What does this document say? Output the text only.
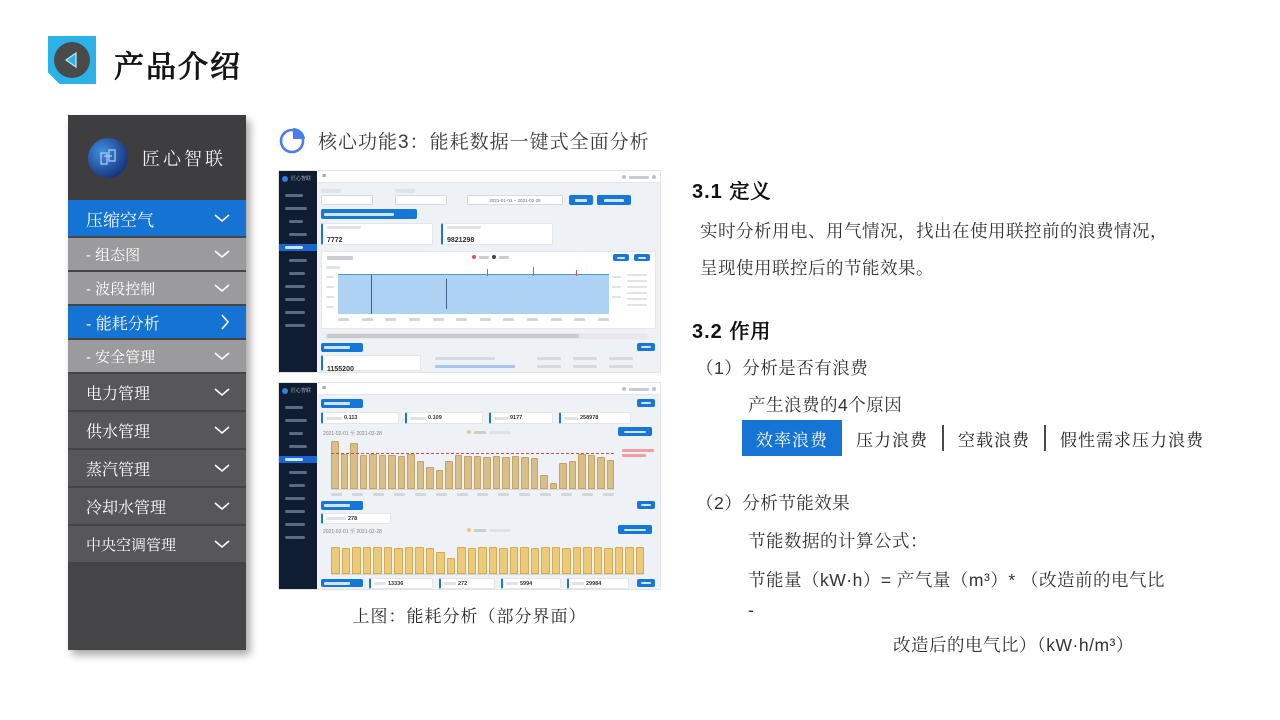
产品介绍
匠心智联
压缩空气
- 组态图
- 波段控制
- 能耗分析
- 安全管理
电力管理
供水管理
蒸汽管理
冷却水管理
中央空调管理
核心功能3：能耗数据一键式全面分析
匠心智联 ≡
2021-01-01 ~ 2021-02-28
7772	9821298
1155200
匠心智联 ≡
0.113	0.109	9177	258978
2021-02-01 至 2021-02-28
278
2021-02-01 至 2021-02-28
13336	272	5994	29984
上图：能耗分析（部分界面）
3.1 定义
实时分析用电、用气情况，找出在使用联控前的浪费情况，
呈现使用联控后的节能效果。
3.2 作用
（1）分析是否有浪费
产生浪费的4个原因
效率浪费	压力浪费	空载浪费	假性需求压力浪费
（2）分析节能效果
节能数据的计算公式：
节能量（kW·h）= 产气量（m³）* （改造前的电气比
-
改造后的电气比）（kW·h/m³）
